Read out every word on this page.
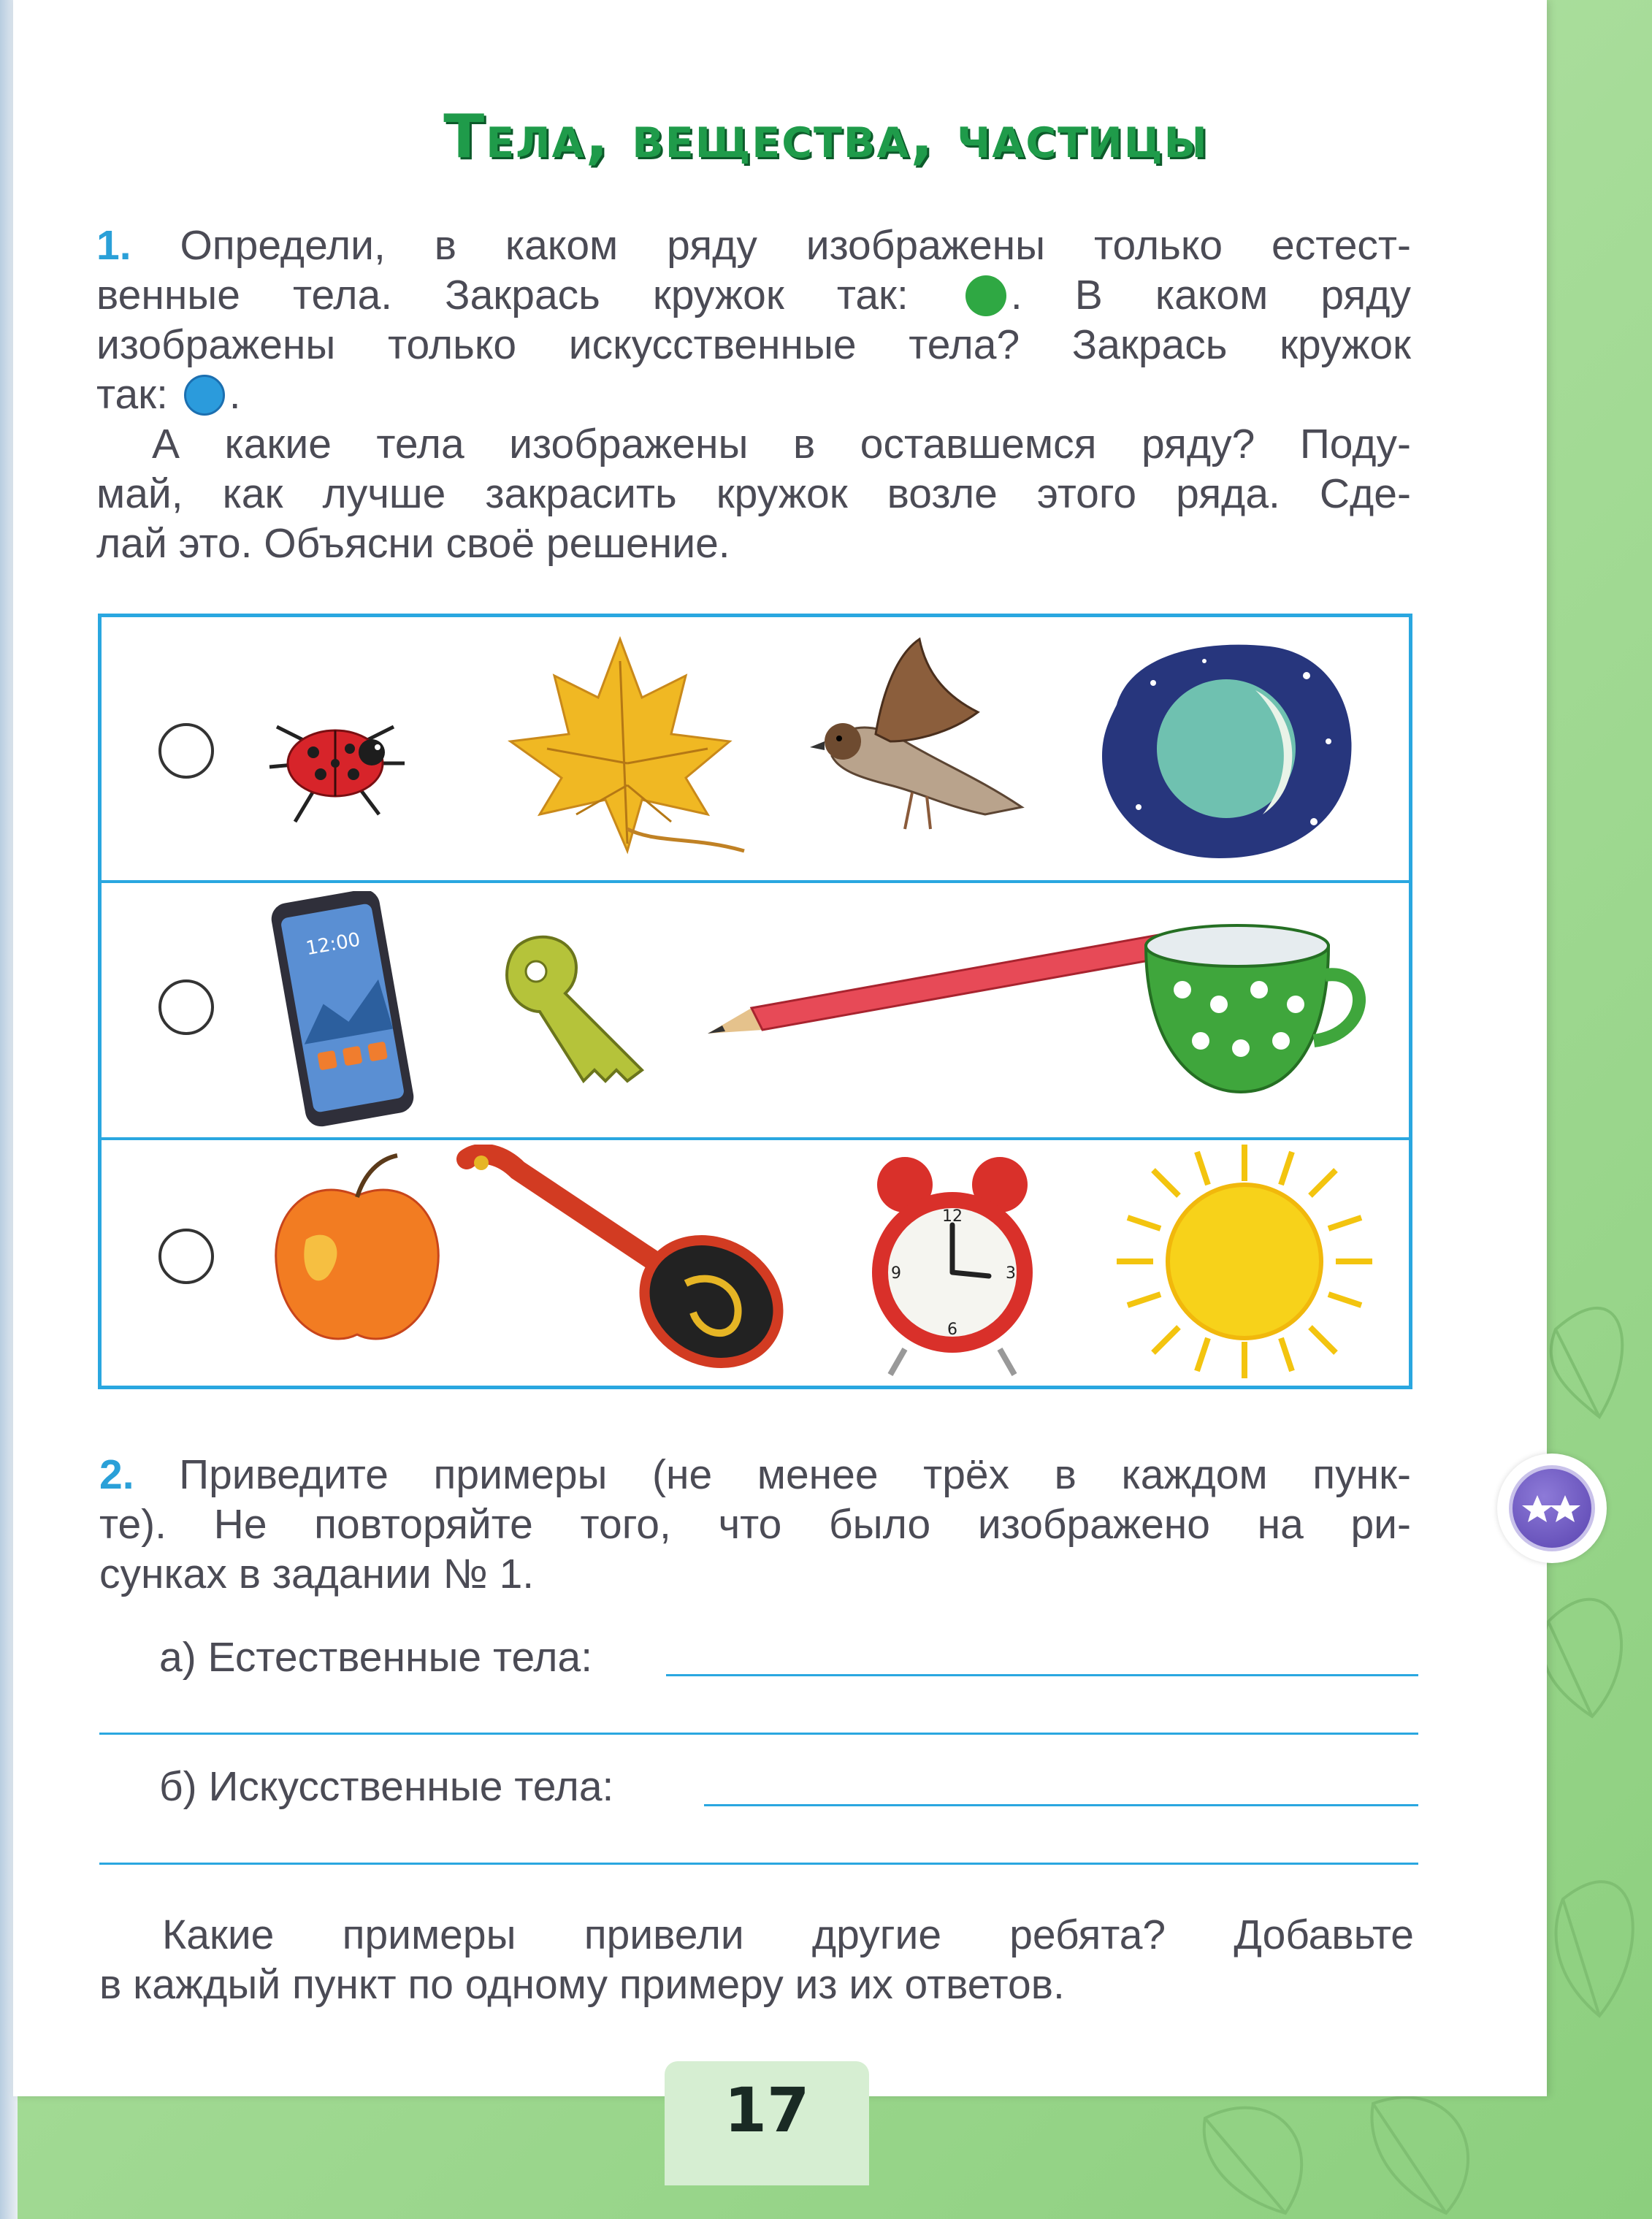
Тела, вещества, частицы
1. Определи, в каком ряду изображены только естест-
венные тела. Закрась кружок так: . В каком ряду
изображены только искусственные тела? Закрась кружок
так: .
А какие тела изображены в оставшемся ряду? Поду-
май, как лучше закрасить кружок возле этого ряда. Сде-
лай это. Объясни своё решение.
12:00
12
3
6
9
2. Приведите примеры (не менее трёх в каждом пунк-
те). Не повторяйте того, что было изображено на ри-
сунках в задании № 1.
а) Естественные тела:
б) Искусственные тела:
Какие примеры привели другие ребята? Добавьте
в каждый пункт по одному примеру из их ответов.
17
